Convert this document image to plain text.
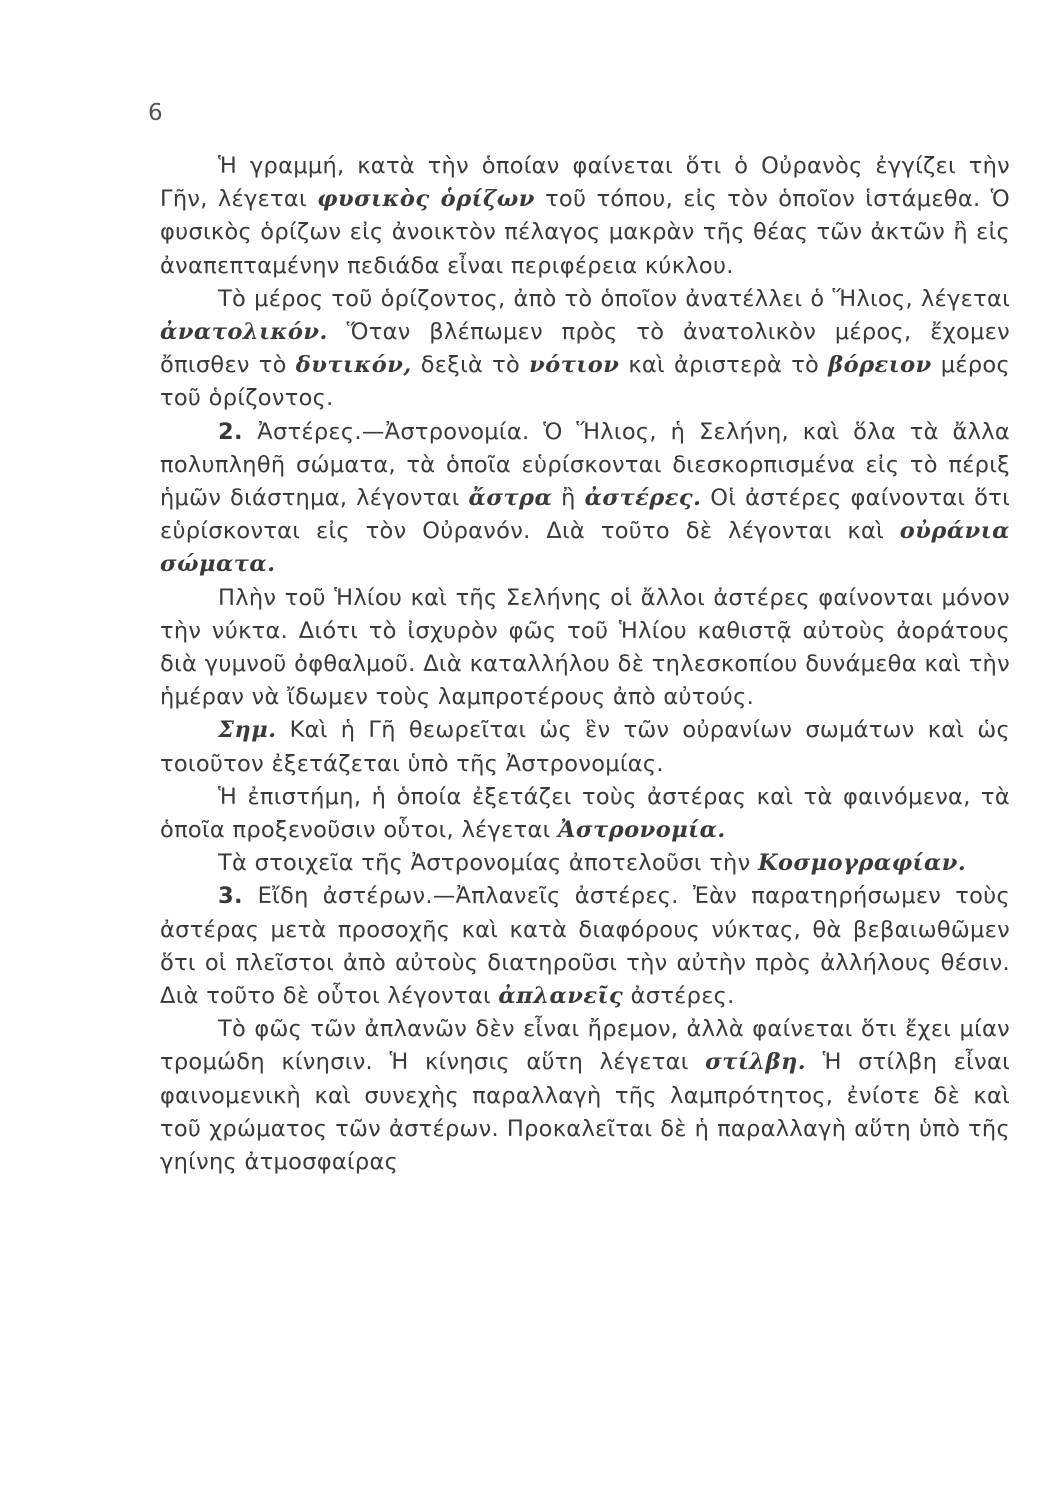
6

Ἡ γραμμή, κατὰ τὴν ὁποίαν φαίνεται ὅτι ὁ Οὐρανὸς ἐγγίζει τὴν Γῆν, λέγεται φυσικὸς ὁρίζων τοῦ τόπου, εἰς τὸν ὁποῖον ἱστάμεθα. Ὁ φυσικὸς ὁρίζων εἰς ἀνοικτὸν πέλαγος μακρὰν τῆς θέας τῶν ἀκτῶν ἢ εἰς ἀναπεπταμένην πεδιάδα εἶναι περιφέρεια κύκλου.

Τὸ μέρος τοῦ ὁρίζοντος, ἀπὸ τὸ ὁποῖον ἀνατέλλει ὁ Ἥλιος, λέγεται ἀνατολικόν. Ὅταν βλέπωμεν πρὸς τὸ ἀνατολικὸν μέρος, ἔχομεν ὄπισθεν τὸ δυτικόν, δεξιὰ τὸ νότιον καὶ ἀριστερὰ τὸ βόρειον μέρος τοῦ ὁρίζοντος.

2. Ἀστέρες.—Ἀστρονομία. Ὁ Ἥλιος, ἡ Σελήνη, καὶ ὅλα τὰ ἄλλα πολυπληθῆ σώματα, τὰ ὁποῖα εὑρίσκονται διεσκορπισμένα εἰς τὸ πέριξ ἡμῶν διάστημα, λέγονται ἄστρα ἢ ἀστέρες. Οἱ ἀστέρες φαίνονται ὅτι εὑρίσκονται εἰς τὸν Οὐρανόν. Διὰ τοῦτο δὲ λέγονται καὶ οὐράνια σώματα.

Πλὴν τοῦ Ἡλίου καὶ τῆς Σελήνης οἱ ἄλλοι ἀστέρες φαίνονται μόνον τὴν νύκτα. Διότι τὸ ἰσχυρὸν φῶς τοῦ Ἡλίου καθιστᾷ αὐτοὺς ἀοράτους διὰ γυμνοῦ ὀφθαλμοῦ. Διὰ καταλλήλου δὲ τηλεσκοπίου δυνάμεθα καὶ τὴν ἡμέραν νὰ ἴδωμεν τοὺς λαμπροτέρους ἀπὸ αὐτούς.

Σημ. Καὶ ἡ Γῆ θεωρεῖται ὡς ἓν τῶν οὐρανίων σωμάτων καὶ ὡς τοιοῦτον ἐξετάζεται ὑπὸ τῆς Ἀστρονομίας.

Ἡ ἐπιστήμη, ἡ ὁποία ἐξετάζει τοὺς ἀστέρας καὶ τὰ φαινόμενα, τὰ ὁποῖα προξενοῦσιν οὗτοι, λέγεται Ἀστρονομία.

Τὰ στοιχεῖα τῆς Ἀστρονομίας ἀποτελοῦσι τὴν Κοσμογραφίαν.

3. Εἴδη ἀστέρων.—Ἀπλανεῖς ἀστέρες. Ἐὰν παρατηρήσωμεν τοὺς ἀστέρας μετὰ προσοχῆς καὶ κατὰ διαφόρους νύκτας, θὰ βεβαιωθῶμεν ὅτι οἱ πλεῖστοι ἀπὸ αὐτοὺς διατηροῦσι τὴν αὐτὴν πρὸς ἀλλήλους θέσιν. Διὰ τοῦτο δὲ οὗτοι λέγονται ἀπλανεῖς ἀστέρες.

Τὸ φῶς τῶν ἀπλανῶν δὲν εἶναι ἤρεμον, ἀλλὰ φαίνεται ὅτι ἔχει μίαν τρομώδη κίνησιν. Ἡ κίνησις αὕτη λέγεται στίλβη. Ἡ στίλβη εἶναι φαινομενικὴ καὶ συνεχὴς παραλλαγὴ τῆς λαμπρότητος, ἐνίοτε δὲ καὶ τοῦ χρώματος τῶν ἀστέρων. Προκαλεῖται δὲ ἡ παραλλαγὴ αὕτη ὑπὸ τῆς γηίνης ἀτμοσφαίρας
